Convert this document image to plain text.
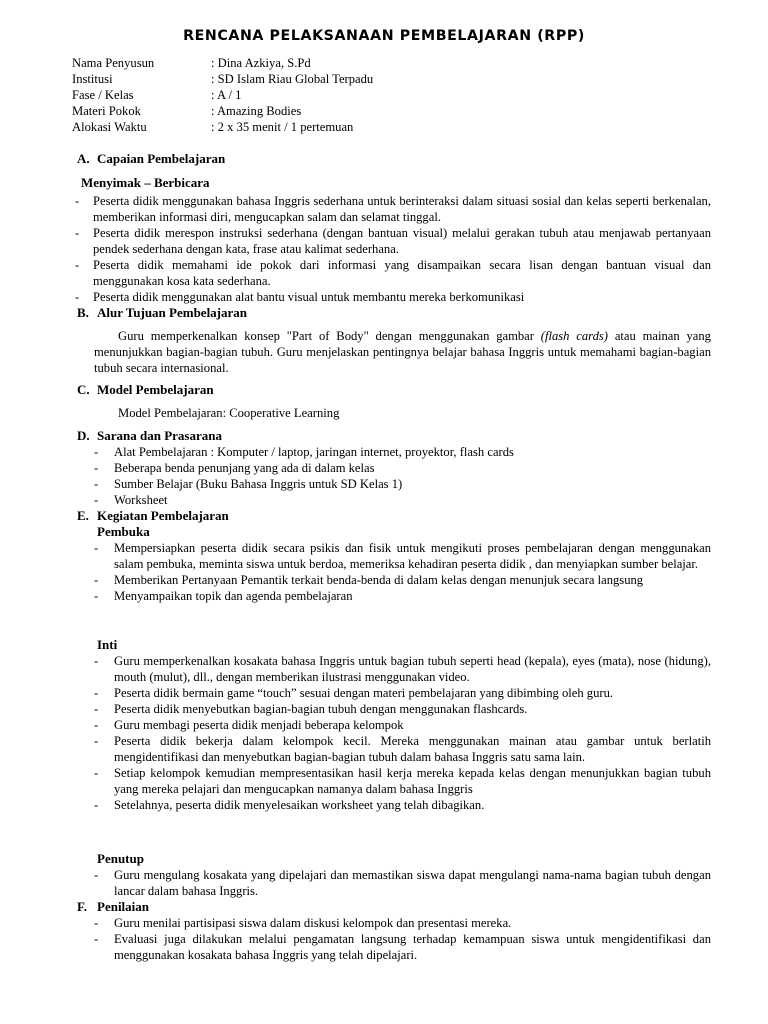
RENCANA PELAKSANAAN PEMBELAJARAN (RPP)
Nama Penyusun	: Dina Azkiya, S.Pd
Institusi	: SD Islam Riau Global Terpadu
Fase / Kelas	: A / 1
Materi Pokok	: Amazing Bodies
Alokasi Waktu	: 2 x 35 menit / 1 pertemuan
A. Capaian Pembelajaran
Menyimak – Berbicara
-	Peserta didik menggunakan bahasa Inggris sederhana untuk berinteraksi dalam situasi sosial dan kelas seperti berkenalan, memberikan informasi diri, mengucapkan salam dan selamat tinggal.
-	Peserta didik merespon instruksi sederhana (dengan bantuan visual) melalui gerakan tubuh atau menjawab pertanyaan pendek sederhana dengan kata, frase atau kalimat sederhana.
-	Peserta didik memahami ide pokok dari informasi yang disampaikan secara lisan dengan bantuan visual dan menggunakan kosa kata sederhana.
-	Peserta didik menggunakan alat bantu visual untuk membantu mereka berkomunikasi
B. Alur Tujuan Pembelajaran
Guru memperkenalkan konsep "Part of Body" dengan menggunakan gambar (flash cards) atau mainan yang menunjukkan bagian-bagian tubuh. Guru menjelaskan pentingnya belajar bahasa Inggris untuk memahami bagian-bagian tubuh secara internasional.
C. Model Pembelajaran
Model Pembelajaran: Cooperative Learning
D. Sarana dan Prasarana
-	Alat Pembelajaran : Komputer / laptop, jaringan internet, proyektor, flash cards
-	Beberapa benda penunjang yang ada di dalam kelas
-	Sumber Belajar (Buku Bahasa Inggris untuk SD Kelas 1)
-	Worksheet
E. Kegiatan Pembelajaran
Pembuka
-	Mempersiapkan peserta didik secara psikis dan fisik untuk mengikuti proses pembelajaran dengan menggunakan salam pembuka, meminta siswa untuk berdoa, memeriksa kehadiran peserta didik , dan menyiapkan sumber belajar.
-	Memberikan Pertanyaan Pemantik terkait benda-benda di dalam kelas dengan menunjuk secara langsung
-	Menyampaikan topik dan agenda pembelajaran
Inti
-	Guru memperkenalkan kosakata bahasa Inggris untuk bagian tubuh seperti head (kepala), eyes (mata), nose (hidung), mouth (mulut), dll., dengan memberikan ilustrasi menggunakan video.
-	Peserta didik bermain game “touch” sesuai dengan materi pembelajaran yang dibimbing oleh guru.
-	Peserta didik menyebutkan bagian-bagian tubuh dengan menggunakan flashcards.
-	Guru membagi peserta didik menjadi beberapa kelompok
-	Peserta didik bekerja dalam kelompok kecil. Mereka menggunakan mainan atau gambar untuk berlatih mengidentifikasi dan menyebutkan bagian-bagian tubuh dalam bahasa Inggris satu sama lain.
-	Setiap kelompok kemudian mempresentasikan hasil kerja mereka kepada kelas dengan menunjukkan bagian tubuh yang mereka pelajari dan mengucapkan namanya dalam bahasa Inggris
-	Setelahnya, peserta didik menyelesaikan worksheet yang telah dibagikan.
Penutup
-	Guru mengulang kosakata yang dipelajari dan memastikan siswa dapat mengulangi nama-nama bagian tubuh dengan lancar dalam bahasa Inggris.
F. Penilaian
-	Guru menilai partisipasi siswa dalam diskusi kelompok dan presentasi mereka.
-	Evaluasi juga dilakukan melalui pengamatan langsung terhadap kemampuan siswa untuk mengidentifikasi dan menggunakan kosakata bahasa Inggris yang telah dipelajari.
